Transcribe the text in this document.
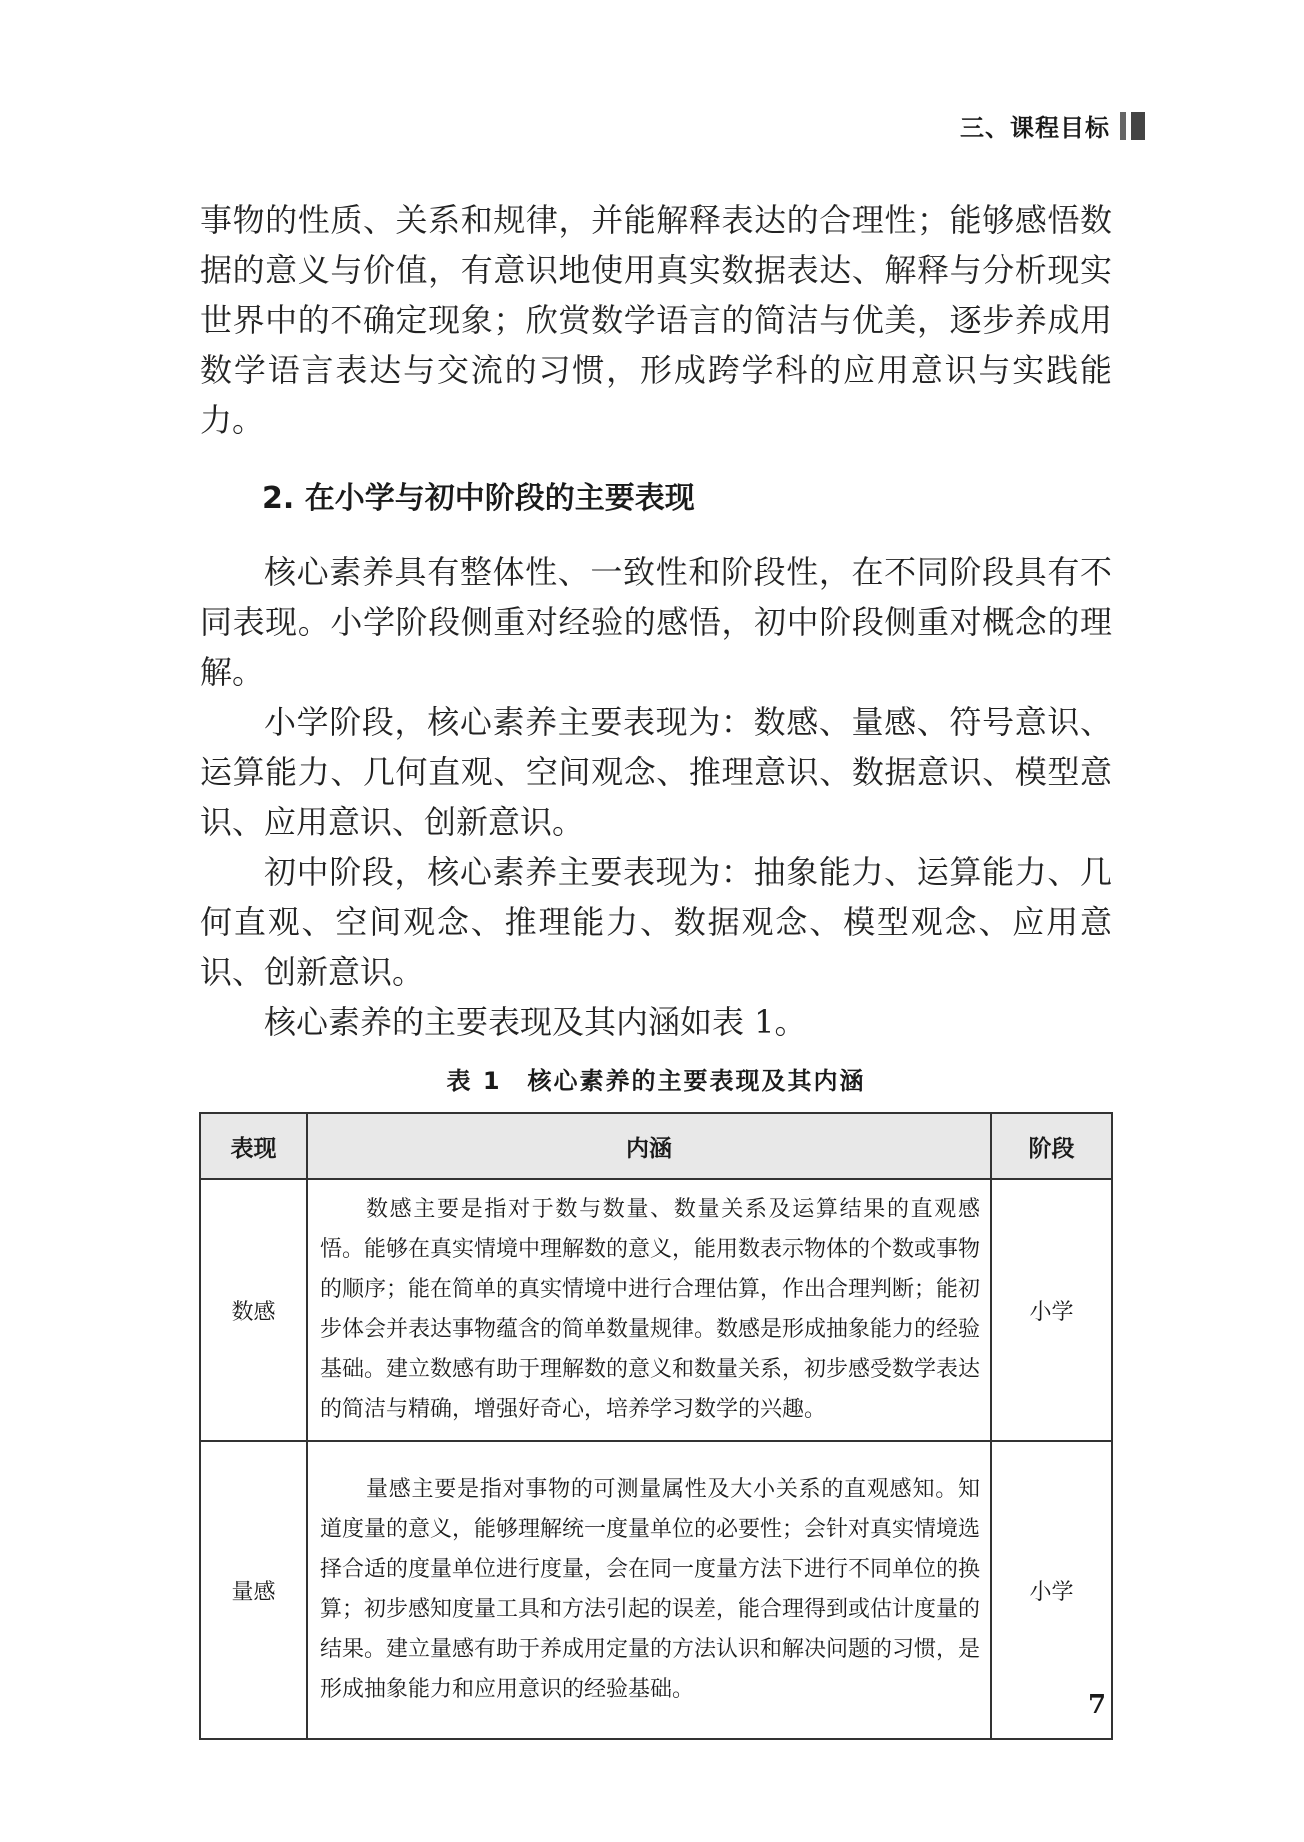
三、课程目标

事物的性质、关系和规律，并能解释表达的合理性；能够感悟数据的意义与价值，有意识地使用真实数据表达、解释与分析现实世界中的不确定现象；欣赏数学语言的简洁与优美，逐步养成用数学语言表达与交流的习惯，形成跨学科的应用意识与实践能力。

2. 在小学与初中阶段的主要表现

核心素养具有整体性、一致性和阶段性，在不同阶段具有不同表现。小学阶段侧重对经验的感悟，初中阶段侧重对概念的理解。

小学阶段，核心素养主要表现为：数感、量感、符号意识、运算能力、几何直观、空间观念、推理意识、数据意识、模型意识、应用意识、创新意识。

初中阶段，核心素养主要表现为：抽象能力、运算能力、几何直观、空间观念、推理能力、数据观念、模型观念、应用意识、创新意识。

核心素养的主要表现及其内涵如表 1。

表 1　核心素养的主要表现及其内涵
表现	内涵	阶段
数感	数感主要是指对于数与数量、数量关系及运算结果的直观感悟。能够在真实情境中理解数的意义，能用数表示物体的个数或事物的顺序；能在简单的真实情境中进行合理估算，作出合理判断；能初步体会并表达事物蕴含的简单数量规律。数感是形成抽象能力的经验基础。建立数感有助于理解数的意义和数量关系，初步感受数学表达的简洁与精确，增强好奇心，培养学习数学的兴趣。	小学
量感	量感主要是指对事物的可测量属性及大小关系的直观感知。知道度量的意义，能够理解统一度量单位的必要性；会针对真实情境选择合适的度量单位进行度量，会在同一度量方法下进行不同单位的换算；初步感知度量工具和方法引起的误差，能合理得到或估计度量的结果。建立量感有助于养成用定量的方法认识和解决问题的习惯，是形成抽象能力和应用意识的经验基础。	小学
7
